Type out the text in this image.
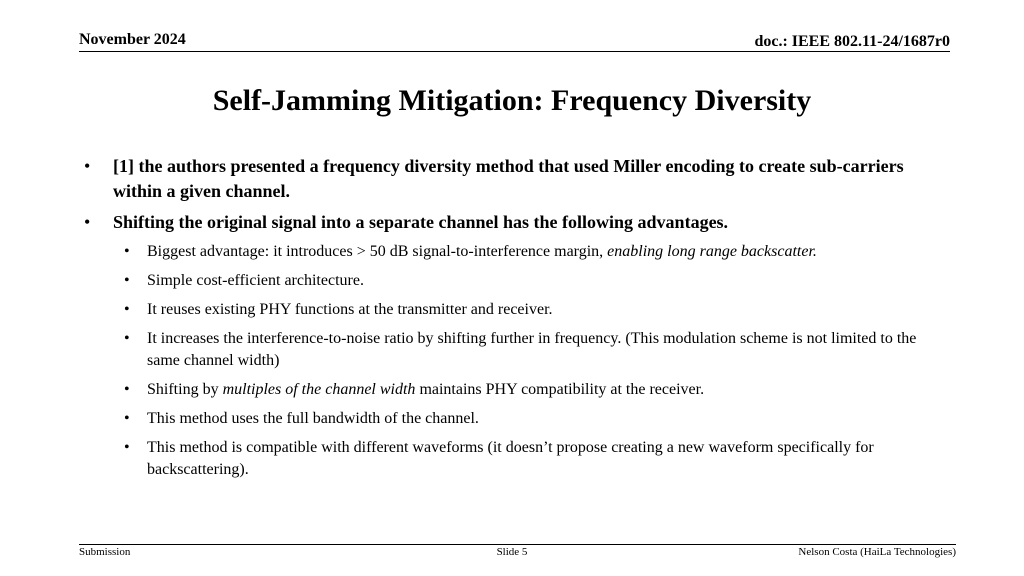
November 2024	doc.: IEEE 802.11-24/1687r0
Self-Jamming Mitigation: Frequency Diversity
• [1] the authors presented a frequency diversity method that used Miller encoding to create sub-carriers within a given channel.
• Shifting the original signal into a separate channel has the following advantages.
• Biggest advantage: it introduces > 50 dB signal-to-interference margin, enabling long range backscatter.
• Simple cost-efficient architecture.
• It reuses existing PHY functions at the transmitter and receiver.
• It increases the interference-to-noise ratio by shifting further in frequency. (This modulation scheme is not limited to the same channel width)
• Shifting by multiples of the channel width maintains PHY compatibility at the receiver.
• This method uses the full bandwidth of the channel.
• This method is compatible with different waveforms (it doesn’t propose creating a new waveform specifically for backscattering).
Submission	Slide 5	Nelson Costa (HaiLa Technologies)
